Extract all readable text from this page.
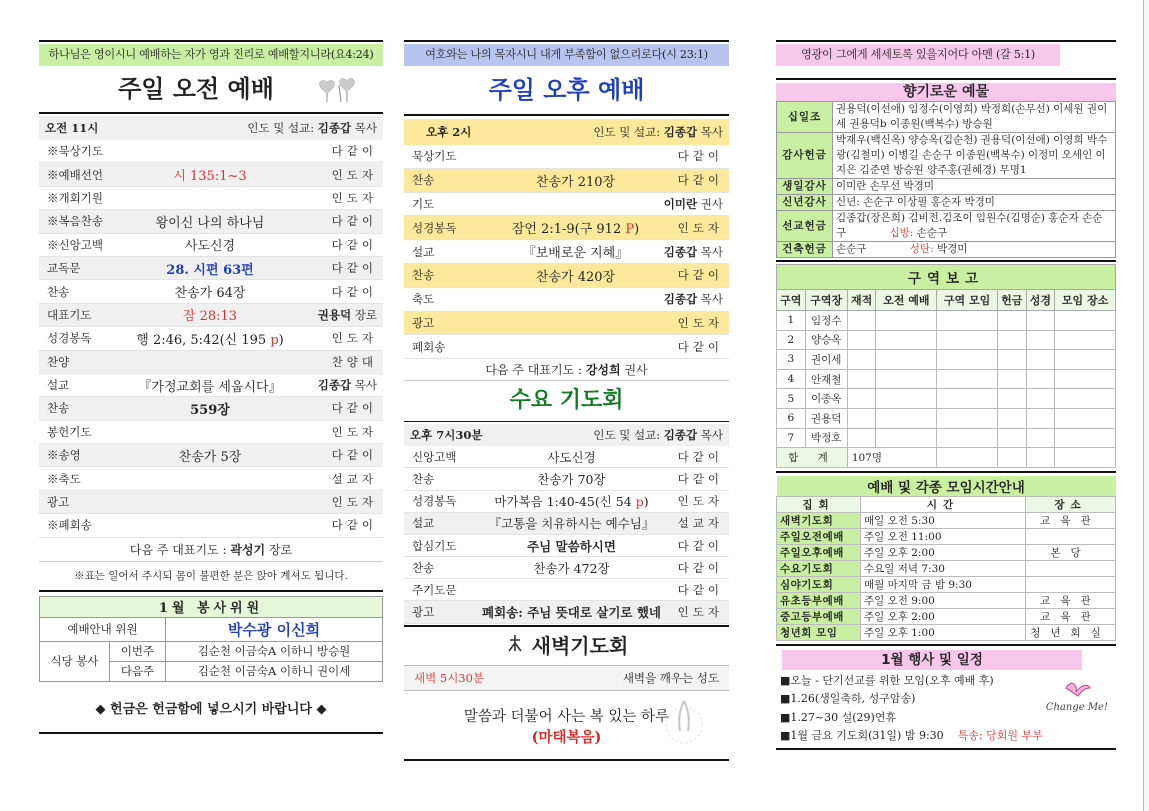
하나님은 영이시니 예배하는 자가 영과 진리로 예배할지니라(요4:24)
주일 오전 예배
오전 11시	인도 및 설교: 김종갑 목사
※묵상기도	다같이
※예배선언	시 135:1~3	인도자
※개회기원	인도자
※복음찬송	왕이신 나의 하나님	다같이
※신앙고백	사도신경	다같이
교독문	28. 시편 63편	다같이
찬송	찬송가 64장	다같이
대표기도	잠 28:13	권용덕 장로
성경봉독	행 2:46, 5:42(신 195 p)	인도자
찬양	찬양대
설교	『가정교회를 세웁시다』	김종갑 목사
찬송	559장	다같이
봉헌기도	인도자
※송영	찬송가 5장	다같이
※축도	설교자
광고	인도자
※폐회송	다같이
다음 주 대표기도 : 곽성기 장로
※표는 일어서 주시되 몸이 불편한 분은 앉아 계셔도 됩니다.
1월 봉사위원		
예배안내 위원		박수광 이신희
식당 봉사	이번주	김순천 이금숙A 이하니 방승원
	다음주	김순천 이금숙A 이하니 권이세
◆ 헌금은 헌금함에 넣으시기 바랍니다 ◆
여호와는 나의 목자시니 내게 부족함이 없으리로다(시 23:1)
주일 오후 예배
오후 2시	인도 및 설교: 김종갑 목사
묵상기도	다같이
찬송	찬송가 210장	다같이
기도	이미란 권사
성경봉독	잠언 2:1-9(구 912 P)	인도자
설교	『보배로운 지혜』	김종갑 목사
찬송	찬송가 420장	다같이
축도	김종갑 목사
광고	인도자
폐회송	다같이
다음 주 대표기도 : 강성희 권사
수요 기도회
오후 7시30분	인도 및 설교: 김종갑 목사
신앙고백	사도신경	다같이
찬송	찬송가 70장	다같이
성경봉독	마가복음 1:40-45(신 54 p)	인도자
설교	『고통을 치유하시는 예수님』	설교자
합심기도	주님 말씀하시면	다같이
찬송	찬송가 472장	다같이
주기도문	다같이
광고	폐회송: 주님 뜻대로 살기로 했네	인도자
새벽기도회
새벽 5시30분	새벽을 깨우는 성도
말씀과 더불어 사는 복 있는 하루
(마태복음)
영광이 그에게 세세토록 있을지어다 아멘 (갈 5:1)
향기로운 예물
십일조	권용덕(이선애) 임정수(이영희) 박정회(손무선) 이세원 권이세 권용덕b 이종원(백복수) 방승원
감사헌금	박재우(백신옥) 양승옥(김순천) 권용덕(이선애) 이영희 박수광(김철미) 이병길 손순구 이종원(백복수) 이정미 오세인 이지은 김준연 방승원 양주홍(권혜경) 무명1
생일감사	이미란 손무선 박경미
신년감사	신년: 손순구 이상필 홍순자 박경미
선교헌금	김종갑(장은희) 김비전.김조이 임원수(김명순) 홍순자 손순구 십방: 손순구
건축헌금	손순구 성탄: 박경미
구역보고							
구역	구역장	재적	오전 예배	구역 모임	헌금	성경	모임 장소
1	임정수						
2	양승옥						
3	권이세						
4	안재철						
5	이종옥						
6	권용덕						
7	박정호						
합 계		107명					
예배 및 각종 모임시간안내		
집회	시간	장소
새벽기도회	매일 오전 5:30	교육관
주일오전예배	주일 오전 11:00	
주일오후예배	주일 오후 2:00	본당
수요기도회	수요일 저녁 7:30	
심야기도회	매월 마지막 금 밤 9:30	
유초등부예배	주일 오전 9:00	교육관
중고등부예배	주일 오후 2:00	교육관
청년회 모임	주일 오후 1:00	청년회실
1월 행사 및 일정
■오늘 - 단기선교를 위한 모임(오후 예배 후)
■1.26(생일축하, 성구암송)
■1.27~30 설(29)연휴
■1월 금요 기도회(31일) 밤 9:30 특송: 당회원 부부
Change Me!
